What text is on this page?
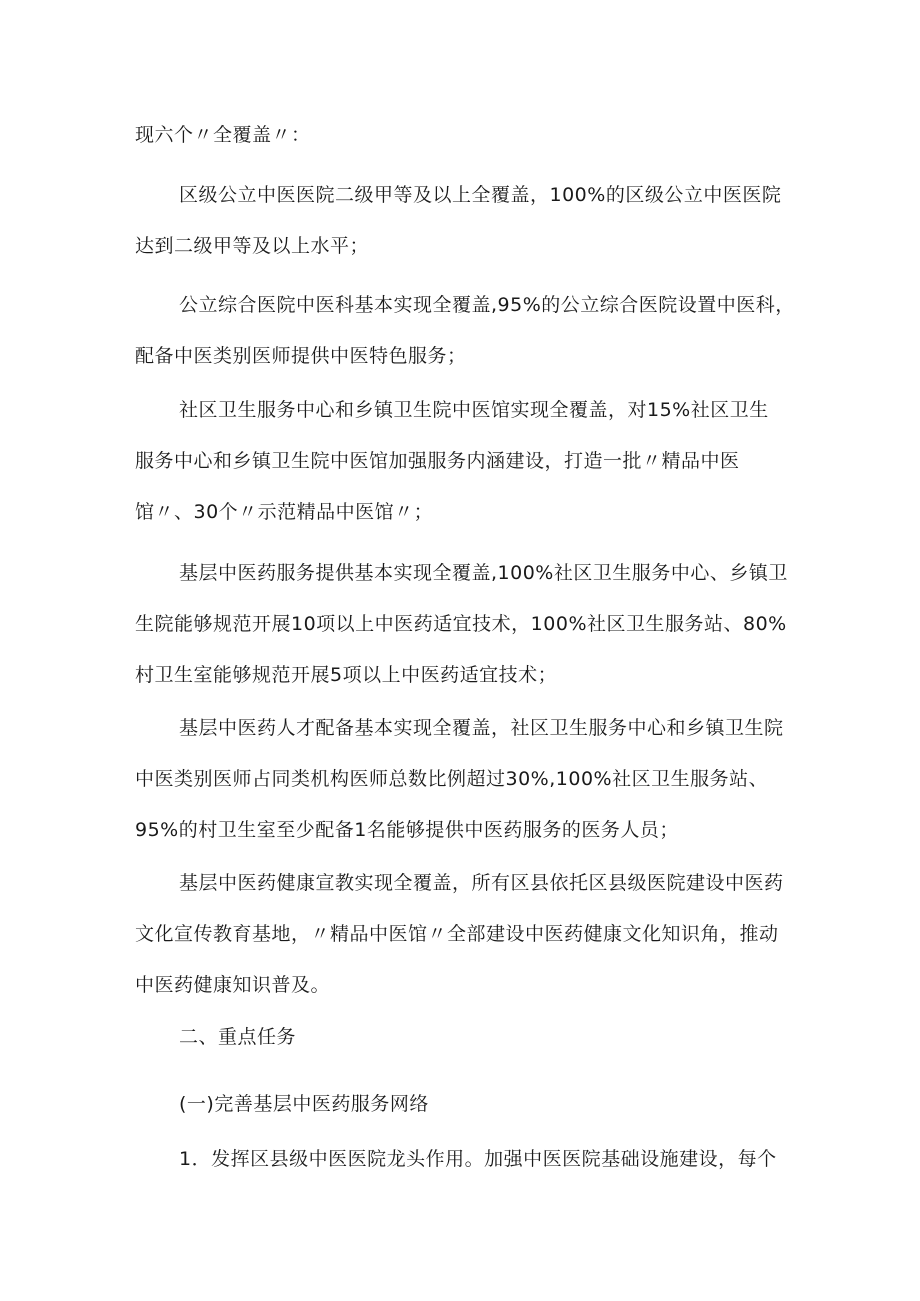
现六个〃全覆盖〃：

区级公立中医医院二级甲等及以上全覆盖，100%的区级公立中医医院
达到二级甲等及以上水平；

公立综合医院中医科基本实现全覆盖,95%的公立综合医院设置中医科，
配备中医类别医师提供中医特色服务；

社区卫生服务中心和乡镇卫生院中医馆实现全覆盖，对15%社区卫生
服务中心和乡镇卫生院中医馆加强服务内涵建设，打造一批〃精品中医
馆〃、30个〃示范精品中医馆〃；

基层中医药服务提供基本实现全覆盖,100%社区卫生服务中心、乡镇卫
生院能够规范开展10项以上中医药适宜技术，100%社区卫生服务站、80%
村卫生室能够规范开展5项以上中医药适宜技术；

基层中医药人才配备基本实现全覆盖，社区卫生服务中心和乡镇卫生院
中医类别医师占同类机构医师总数比例超过30%,100%社区卫生服务站、
95%的村卫生室至少配备1名能够提供中医药服务的医务人员；

基层中医药健康宣教实现全覆盖，所有区县依托区县级医院建设中医药
文化宣传教育基地，〃精品中医馆〃全部建设中医药健康文化知识角，推动
中医药健康知识普及。

二、重点任务

(一)完善基层中医药服务网络

1．发挥区县级中医医院龙头作用。加强中医医院基础设施建设，每个
